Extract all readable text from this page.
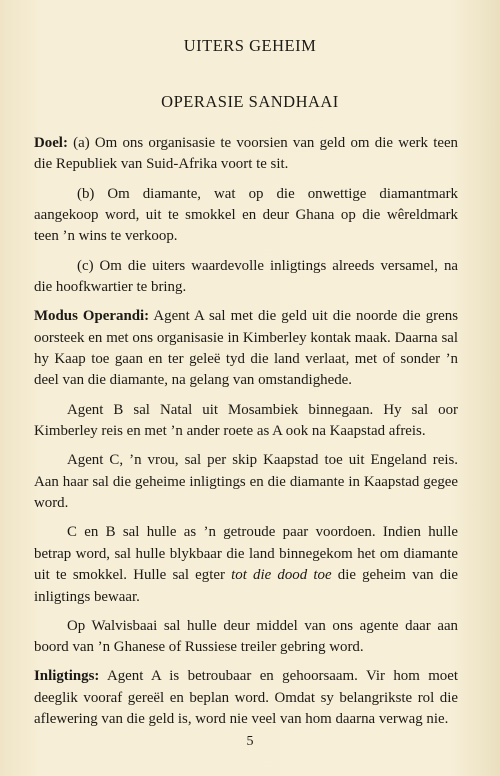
UITERS GEHEIM
OPERASIE SANDHAAI

Doel: (a) Om ons organisasie te voorsien van geld om die werk teen die Republiek van Suid-Afrika voort te sit.

(b) Om diamante, wat op die onwettige diamantmark aangekoop word, uit te smokkel en deur Ghana op die wêreldmark teen ’n wins te verkoop.

(c) Om die uiters waardevolle inligtings alreeds versamel, na die hoofkwartier te bring.

Modus Operandi: Agent A sal met die geld uit die noorde die grens oorsteek en met ons organisasie in Kimberley kontak maak. Daarna sal hy Kaap toe gaan en ter geleë tyd die land verlaat, met of sonder ’n deel van die diamante, na gelang van omstandighede.

Agent B sal Natal uit Mosambiek binnegaan. Hy sal oor Kimberley reis en met ’n ander roete as A ook na Kaapstad afreis.

Agent C, ’n vrou, sal per skip Kaapstad toe uit Engeland reis. Aan haar sal die geheime inligtings en die diamante in Kaapstad gegee word.

C en B sal hulle as ’n getroude paar voordoen. Indien hulle betrap word, sal hulle blykbaar die land binnegekom het om diamante uit te smokkel. Hulle sal egter tot die dood toe die geheim van die inligtings bewaar.

Op Walvisbaai sal hulle deur middel van ons agente daar aan boord van ’n Ghanese of Russiese treiler gebring word.

Inligtings: Agent A is betroubaar en gehoorsaam. Vir hom moet deeglik vooraf gereël en beplan word. Omdat sy belangrikste rol die aflewering van die geld is, word nie veel van hom daarna verwag nie.

5
